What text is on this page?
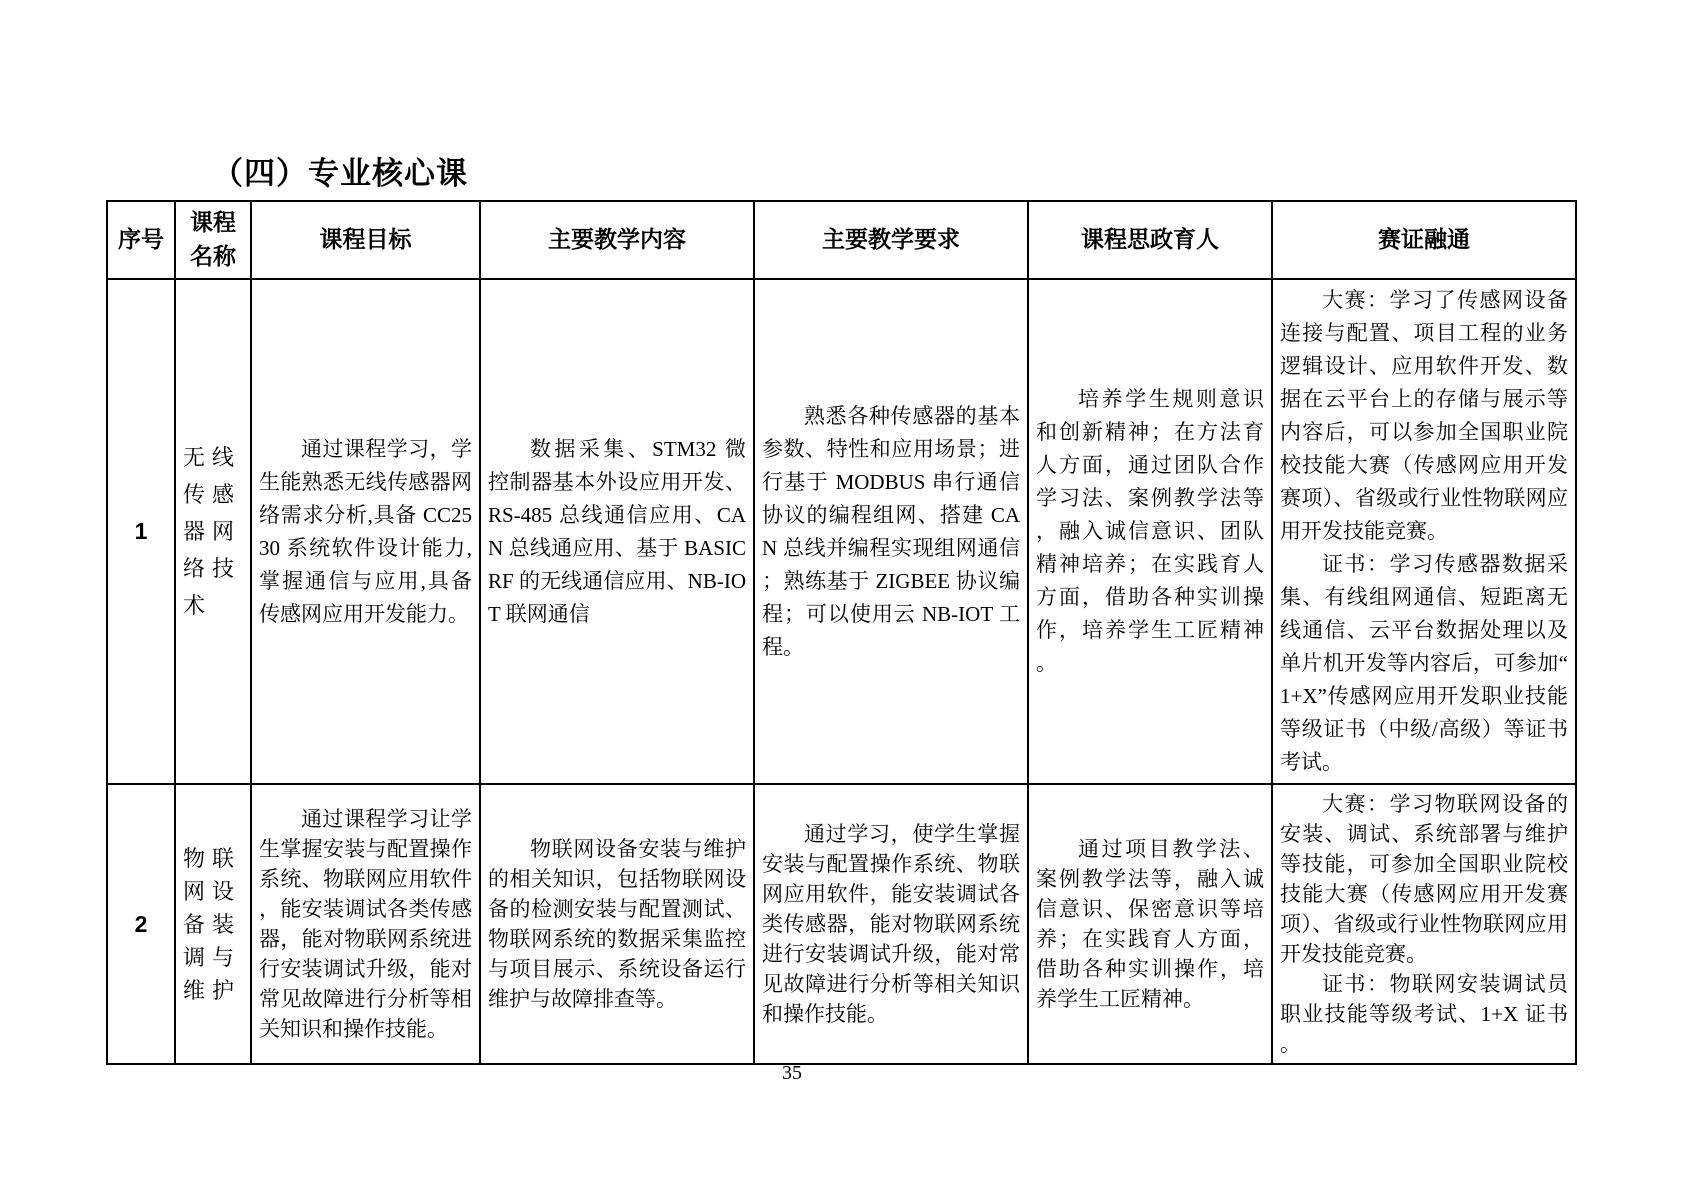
（四）专业核心课
序号	课程名称	课程目标	主要教学内容	主要教学要求	课程思政育人	赛证融通
1	无线传感器网络技术	通过课程学习，学生能熟悉无线传感器网络需求分析,具备 CC2530 系统软件设计能力,掌握通信与应用,具备传感网应用开发能力。	数据采集、STM32 微控制器基本外设应用开发、RS-485 总线通信应用、CAN 总线通应用、基于 BASICRF 的无线通信应用、NB-IOT 联网通信	熟悉各种传感器的基本参数、特性和应用场景；进行基于 MODBUS 串行通信协议的编程组网、搭建 CAN 总线并编程实现组网通信；熟练基于 ZIGBEE 协议编程；可以使用云 NB-IOT 工程。	培养学生规则意识和创新精神；在方法育人方面，通过团队合作学习法、案例教学法等，融入诚信意识、团队精神培养；在实践育人方面，借助各种实训操作，培养学生工匠精神。	大赛：学习了传感网设备连接与配置、项目工程的业务逻辑设计、应用软件开发、数据在云平台上的存储与展示等内容后，可以参加全国职业院校技能大赛（传感网应用开发赛项）、省级或行业性物联网应用开发技能竞赛。

证书：学习传感器数据采集、有线组网通信、短距离无线通信、云平台数据处理以及单片机开发等内容后，可参加“1+X”传感网应用开发职业技能等级证书（中级/高级）等证书考试。

2	物联网设备装调与维护	通过课程学习让学生掌握安装与配置操作系统、物联网应用软件，能安装调试各类传感器，能对物联网系统进行安装调试升级，能对常见故障进行分析等相关知识和操作技能。	物联网设备安装与维护的相关知识，包括物联网设备的检测安装与配置测试、物联网系统的数据采集监控与项目展示、系统设备运行维护与故障排查等。	通过学习，使学生掌握安装与配置操作系统、物联网应用软件，能安装调试各类传感器，能对物联网系统进行安装调试升级，能对常见故障进行分析等相关知识和操作技能。	通过项目教学法、案例教学法等，融入诚信意识、保密意识等培养；在实践育人方面，借助各种实训操作，培养学生工匠精神。	大赛：学习物联网设备的安装、调试、系统部署与维护等技能，可参加全国职业院校技能大赛（传感网应用开发赛项）、省级或行业性物联网应用开发技能竞赛。

证书：物联网安装调试员职业技能等级考试、1+X 证书。

35
